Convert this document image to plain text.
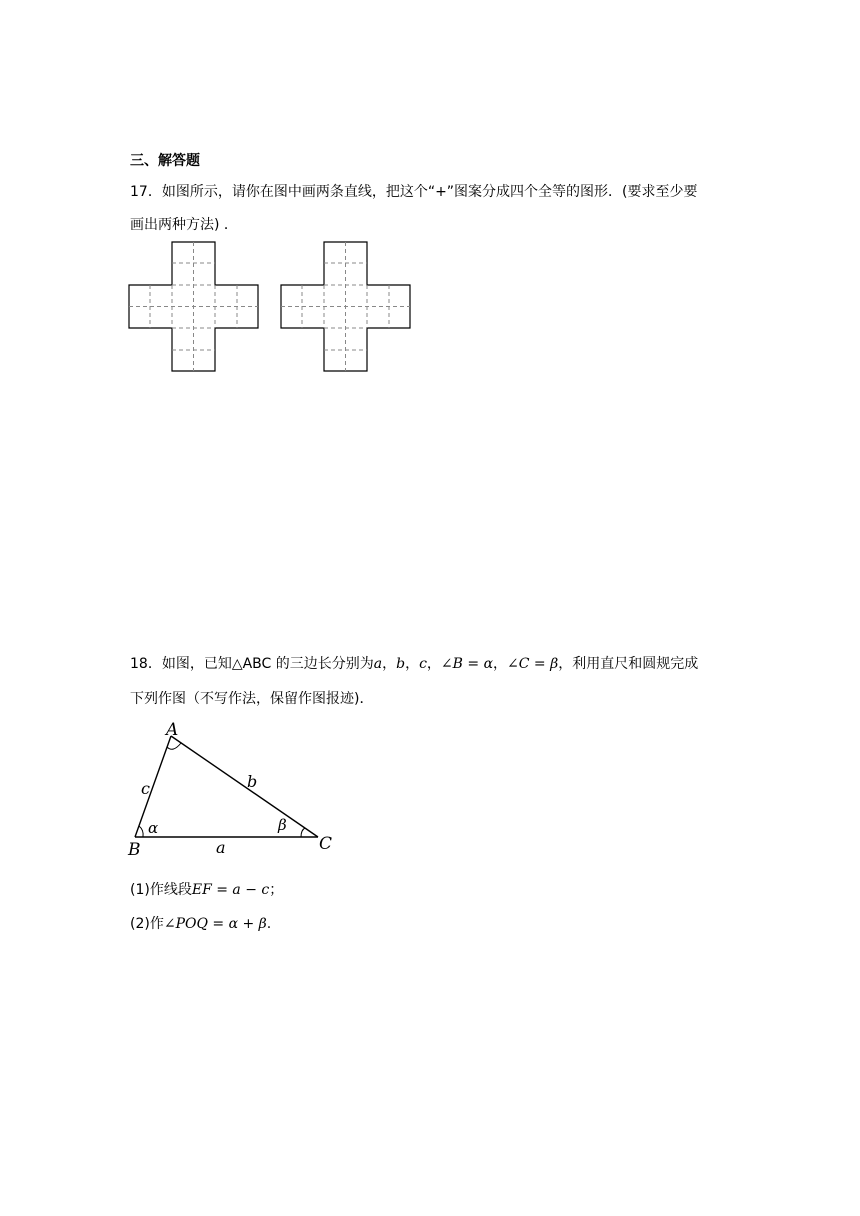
三、解答题
17．如图所示，请你在图中画两条直线，把这个“+”图案分成四个全等的图形．(要求至少要
画出两种方法) ．
18．如图，已知△ABC 的三边长分别为a，b，c，∠B = α，∠C = β，利用直尺和圆规完成
下列作图（不写作法，保留作图报迹)．
A
B	C
a
b
c
α	β
(1)作线段EF = a − c；
(2)作∠POQ = α + β.
